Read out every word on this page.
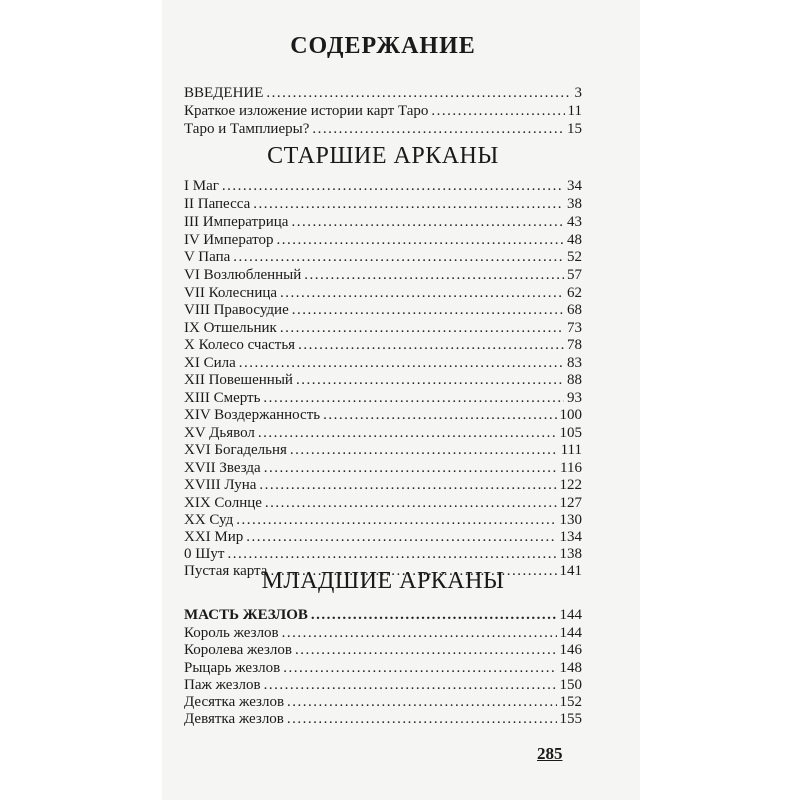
СОДЕРЖАНИЕ
ВВЕДЕНИЕ .....	3
Краткое изложение истории карт Таро .....	11
Таро и Тамплиеры? .....	15
СТАРШИЕ АРКАНЫ
I Маг .....	34
II Папесса .....	38
III Императрица .....	43
IV Император .....	48
V Папа .....	52
VI Возлюбленный .....	57
VII Колесница .....	62
VIII Правосудие .....	68
IX Отшельник .....	73
X Колесо счастья .....	78
XI Сила .....	83
XII Повешенный .....	88
XIII Смерть .....	93
XIV Воздержанность .....	100
XV Дьявол .....	105
XVI Богадельня .....	111
XVII Звезда .....	116
XVIII Луна .....	122
XIX Солнце .....	127
XX Суд .....	130
XXI Мир .....	134
0 Шут .....	138
Пустая карта .....	141
МЛАДШИЕ АРКАНЫ
МАСТЬ ЖЕЗЛОВ .....	144
Король жезлов .....	144
Королева жезлов .....	146
Рыцарь жезлов .....	148
Паж жезлов .....	150
Десятка жезлов .....	152
Девятка жезлов .....	155
285
